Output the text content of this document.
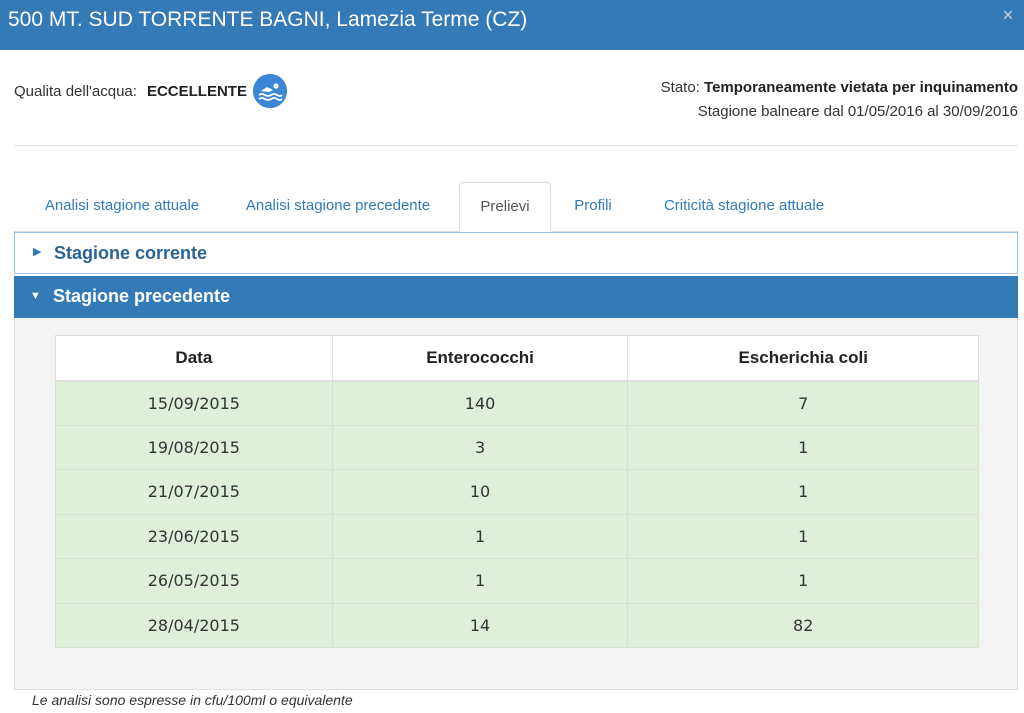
500 MT. SUD TORRENTE BAGNI, Lamezia Terme (CZ)	×
Qualita dell'acqua: ECCELLENTE	Stato: Temporaneamente vietata per inquinamento
Stagione balneare dal 01/05/2016 al 30/09/2016
Analisi stagione attuale	Analisi stagione precedente	Prelievi	Profili	Criticità stagione attuale
▶ Stagione corrente
▼ Stagione precedente
Data	Enterococchi	Escherichia coli
15/09/2015	140	7
19/08/2015	3	1
21/07/2015	10	1
23/06/2015	1	1
26/05/2015	1	1
28/04/2015	14	82
Le analisi sono espresse in cfu/100ml o equivalente
